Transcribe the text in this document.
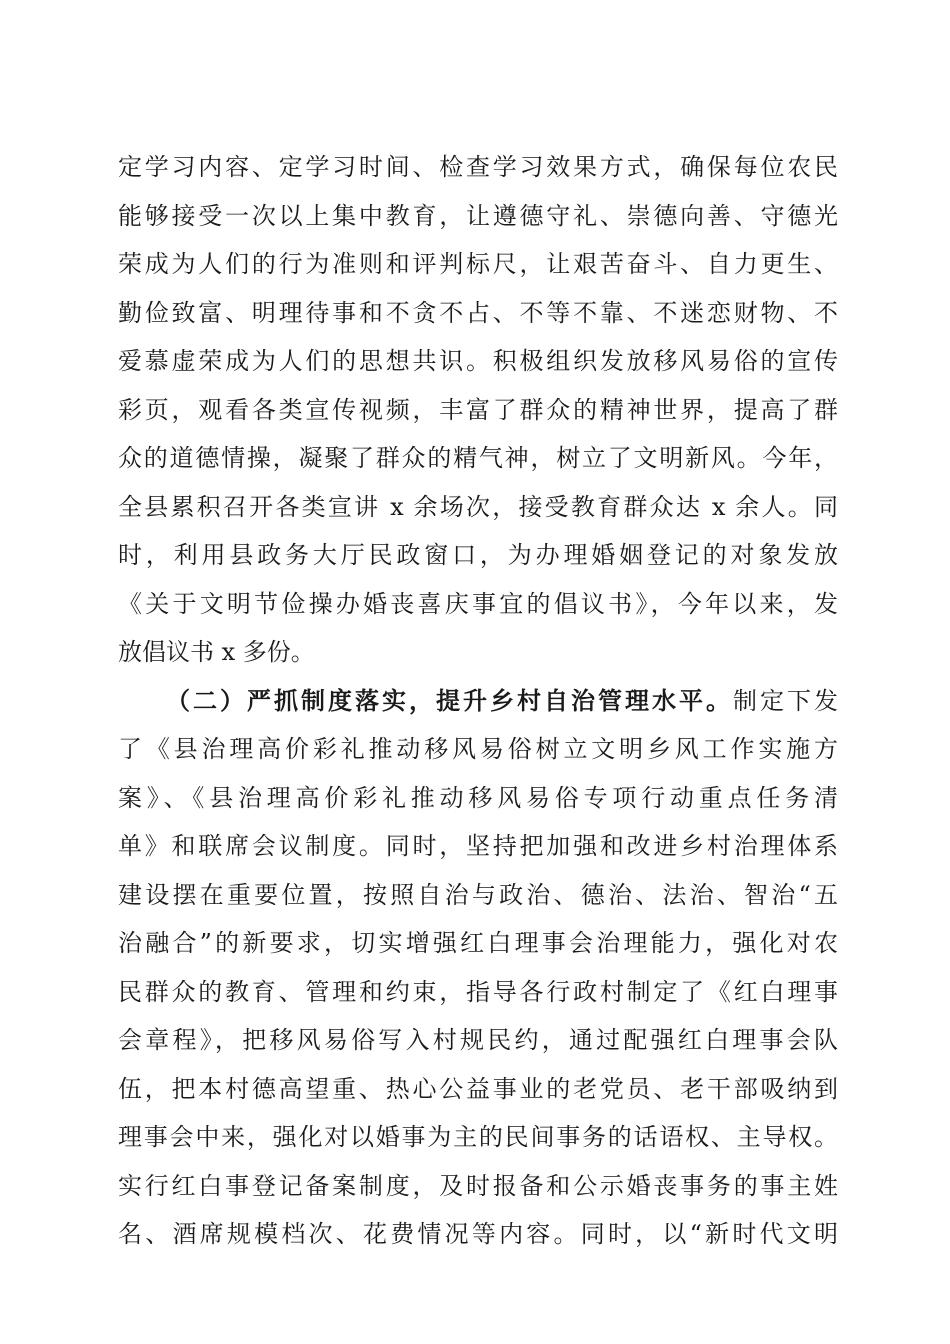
定学习内容、定学习时间、检查学习效果方式，确保每位农民
能够接受一次以上集中教育，让遵德守礼、崇德向善、守德光
荣成为人们的行为准则和评判标尺，让艰苦奋斗、自力更生、
勤俭致富、明理待事和不贪不占、不等不靠、不迷恋财物、不
爱慕虚荣成为人们的思想共识。积极组织发放移风易俗的宣传
彩页，观看各类宣传视频，丰富了群众的精神世界，提高了群
众的道德情操，凝聚了群众的精气神，树立了文明新风。今年，
全县累积召开各类宣讲 x 余场次，接受教育群众达 x 余人。同
时，利用县政务大厅民政窗口，为办理婚姻登记的对象发放
《关于文明节俭操办婚丧喜庆事宜的倡议书》，今年以来，发
放倡议书 x 多份。
（二）严抓制度落实，提升乡村自治管理水平。制定下发
了《县治理高价彩礼推动移风易俗树立文明乡风工作实施方
案》、《县治理高价彩礼推动移风易俗专项行动重点任务清
单》和联席会议制度。同时，坚持把加强和改进乡村治理体系
建设摆在重要位置，按照自治与政治、德治、法治、智治“五
治融合”的新要求，切实增强红白理事会治理能力，强化对农
民群众的教育、管理和约束，指导各行政村制定了《红白理事
会章程》，把移风易俗写入村规民约，通过配强红白理事会队
伍，把本村德高望重、热心公益事业的老党员、老干部吸纳到
理事会中来，强化对以婚事为主的民间事务的话语权、主导权。
实行红白事登记备案制度，及时报备和公示婚丧事务的事主姓
名、酒席规模档次、花费情况等内容。同时，以“新时代文明
